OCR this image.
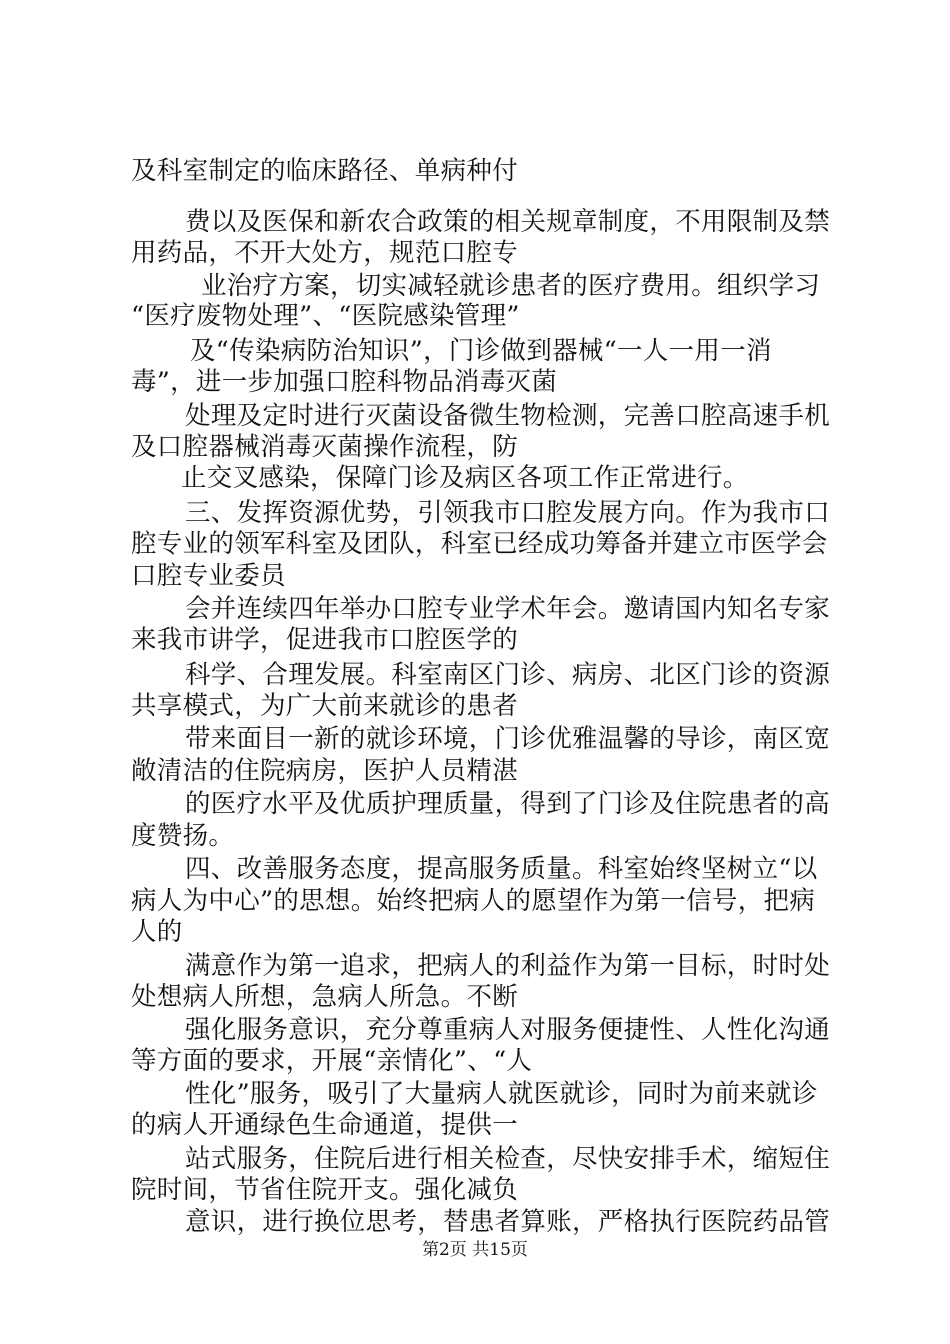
及科室制定的临床路径、单病种付
费以及医保和新农合政策的相关规章制度，不用限制及禁
用药品，不开大处方，规范口腔专
业治疗方案，切实减轻就诊患者的医疗费用。组织学习
“医疗废物处理”、“医院感染管理”
及“传染病防治知识”，门诊做到器械“一人一用一消
毒”，进一步加强口腔科物品消毒灭菌
处理及定时进行灭菌设备微生物检测，完善口腔高速手机
及口腔器械消毒灭菌操作流程，防
止交叉感染，保障门诊及病区各项工作正常进行。
三、发挥资源优势，引领我市口腔发展方向。作为我市口
腔专业的领军科室及团队，科室已经成功筹备并建立市医学会
口腔专业委员
会并连续四年举办口腔专业学术年会。邀请国内知名专家
来我市讲学，促进我市口腔医学的
科学、合理发展。科室南区门诊、病房、北区门诊的资源
共享模式，为广大前来就诊的患者
带来面目一新的就诊环境，门诊优雅温馨的导诊，南区宽
敞清洁的住院病房，医护人员精湛
的医疗水平及优质护理质量，得到了门诊及住院患者的高
度赞扬。
四、改善服务态度，提高服务质量。科室始终坚树立“以
病人为中心”的思想。始终把病人的愿望作为第一信号，把病
人的
满意作为第一追求，把病人的利益作为第一目标，时时处
处想病人所想，急病人所急。不断
强化服务意识，充分尊重病人对服务便捷性、人性化沟通
等方面的要求，开展“亲情化”、“人
性化”服务，吸引了大量病人就医就诊，同时为前来就诊
的病人开通绿色生命通道，提供一
站式服务，住院后进行相关检查，尽快安排手术，缩短住
院时间，节省住院开支。强化减负
意识，进行换位思考，替患者算账，严格执行医院药品管
第2页 共15页
